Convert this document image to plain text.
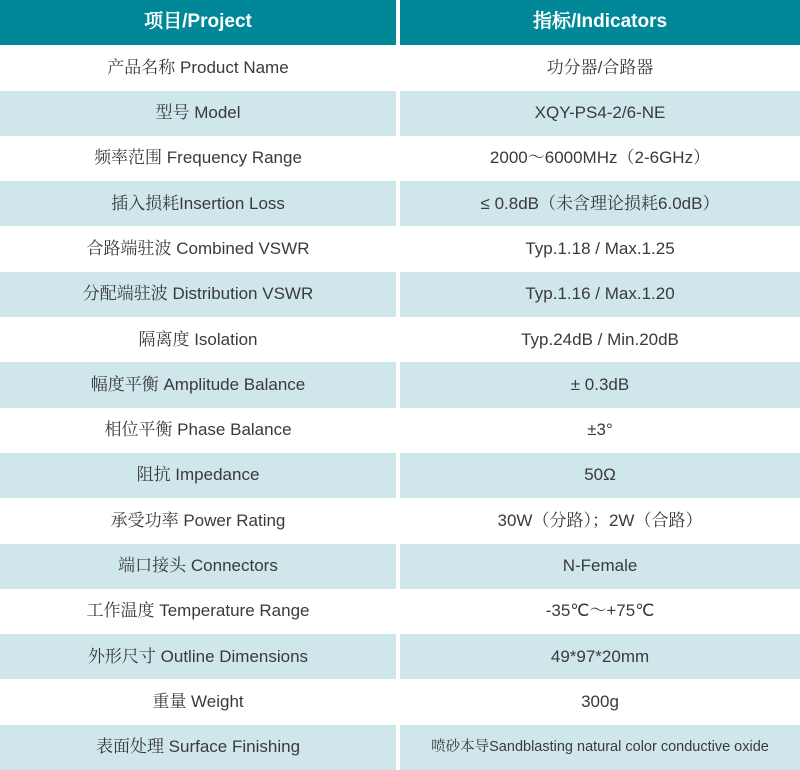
项目/Project	指标/Indicators
产品名称 Product Name	功分器/合路器
型号 Model	XQY-PS4-2/6-NE
频率范围 Frequency Range	2000～6000MHz（2-6GHz）
插入损耗Insertion Loss	≤ 0.8dB（未含理论损耗6.0dB）
合路端驻波 Combined VSWR	Typ.1.18 / Max.1.25
分配端驻波 Distribution VSWR	Typ.1.16 / Max.1.20
隔离度 Isolation	Typ.24dB / Min.20dB
幅度平衡 Amplitude Balance	± 0.3dB
相位平衡 Phase Balance	±3°
阻抗 Impedance	50Ω
承受功率 Power Rating	30W（分路）；2W（合路）
端口接头 Connectors	N-Female
工作温度 Temperature Range	-35℃～+75℃
外形尺寸 Outline Dimensions	49*97*20mm
重量 Weight	300g
表面处理 Surface Finishing	喷砂本导Sandblasting natural color conductive oxide
